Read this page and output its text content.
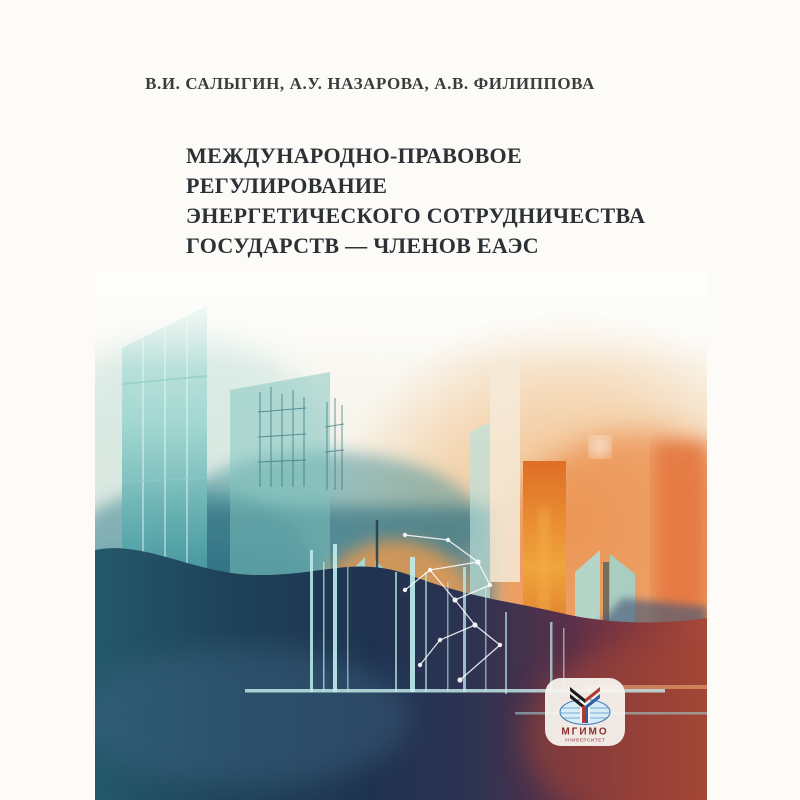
В.И. САЛЫГИН, А.У. НАЗАРОВА, А.В. ФИЛИППОВА
МЕЖДУНАРОДНО-ПРАВОВОЕ
РЕГУЛИРОВАНИЕ
ЭНЕРГЕТИЧЕСКОГО СОТРУДНИЧЕСТВА
ГОСУДАРСТВ — ЧЛЕНОВ ЕАЭС
МГИМО
УНИВЕРСИТЕТ
